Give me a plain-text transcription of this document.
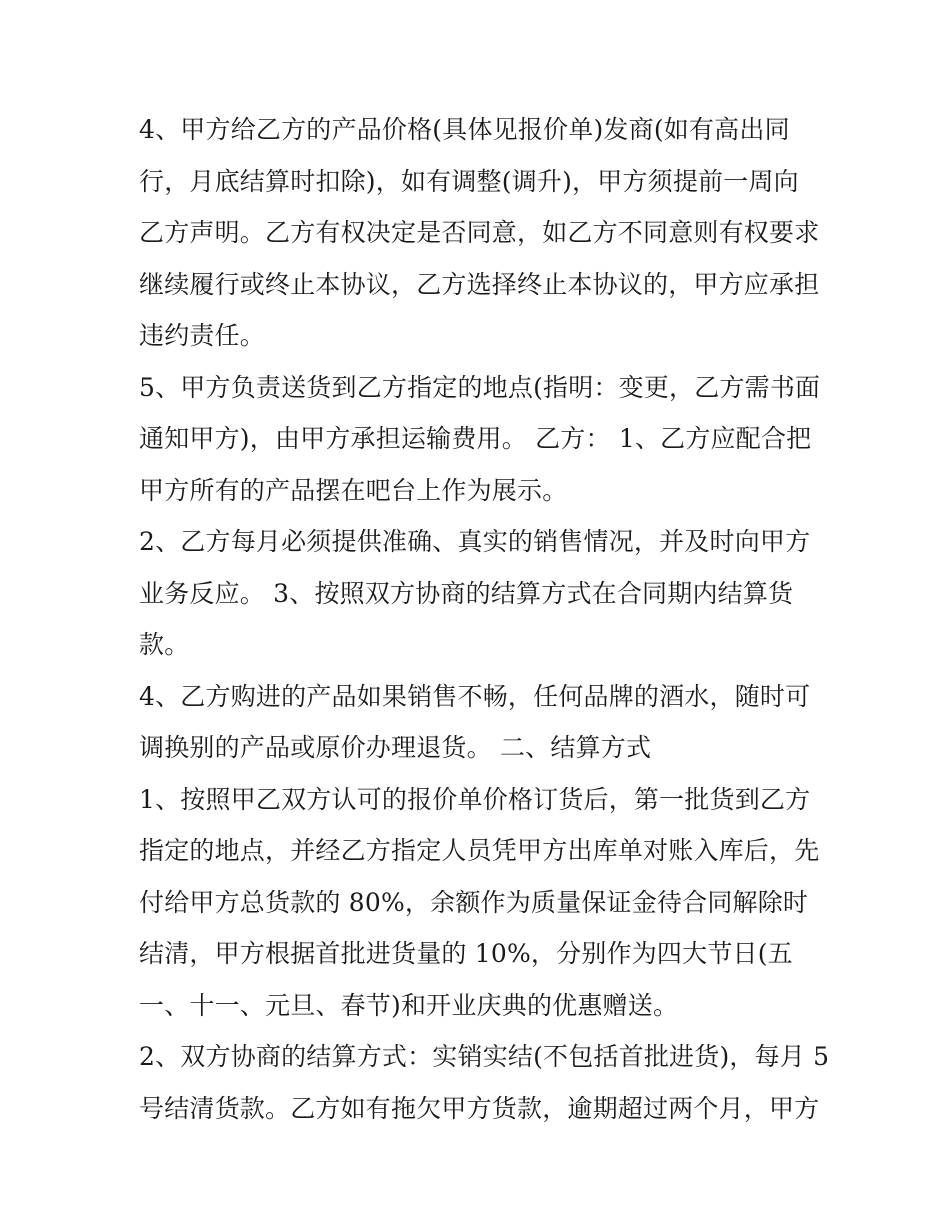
4、甲方给乙方的产品价格(具体见报价单)发商(如有高出同
行，月底结算时扣除)，如有调整(调升)，甲方须提前一周向
乙方声明。乙方有权决定是否同意，如乙方不同意则有权要求
继续履行或终止本协议，乙方选择终止本协议的，甲方应承担
违约责任。
5、甲方负责送货到乙方指定的地点(指明：变更，乙方需书面
通知甲方)，由甲方承担运输费用。 乙方： 1、乙方应配合把
甲方所有的产品摆在吧台上作为展示。
2、乙方每月必须提供准确、真实的销售情况，并及时向甲方
业务反应。 3、按照双方协商的结算方式在合同期内结算货
款。
4、乙方购进的产品如果销售不畅，任何品牌的酒水，随时可
调换别的产品或原价办理退货。 二、结算方式
1、按照甲乙双方认可的报价单价格订货后，第一批货到乙方
指定的地点，并经乙方指定人员凭甲方出库单对账入库后，先
付给甲方总货款的 80%，余额作为质量保证金待合同解除时
结清，甲方根据首批进货量的 10%，分别作为四大节日(五
一、十一、元旦、春节)和开业庆典的优惠赠送。
2、双方协商的结算方式：实销实结(不包括首批进货)，每月 5
号结清货款。乙方如有拖欠甲方货款，逾期超过两个月，甲方
